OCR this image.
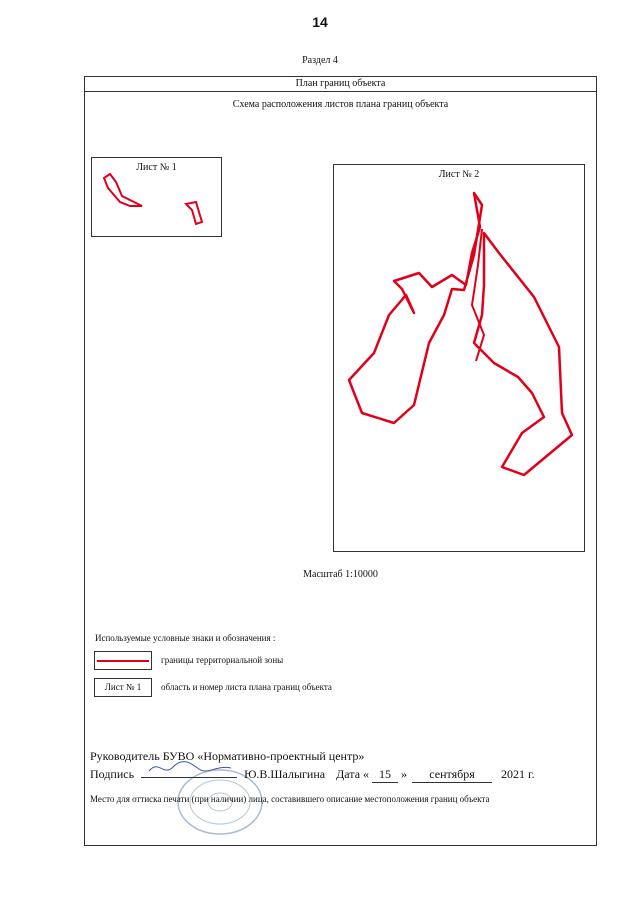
14
Раздел 4
План границ объекта
Схема расположения листов плана границ объекта
Лист № 1
Лист № 2
Масштаб 1:10000
Используемые условные знаки и обозначения :
границы территориальной зоны
Лист № 1	область и номер листа плана границ объекта
Руководитель БУВО «Нормативно-проектный центр»
Подпись	Ю.В.Шалыгина Дата « 15 » сентября 2021 г.
Место для оттиска печати (при наличии) лица, составившего описание местоположения границ объекта
